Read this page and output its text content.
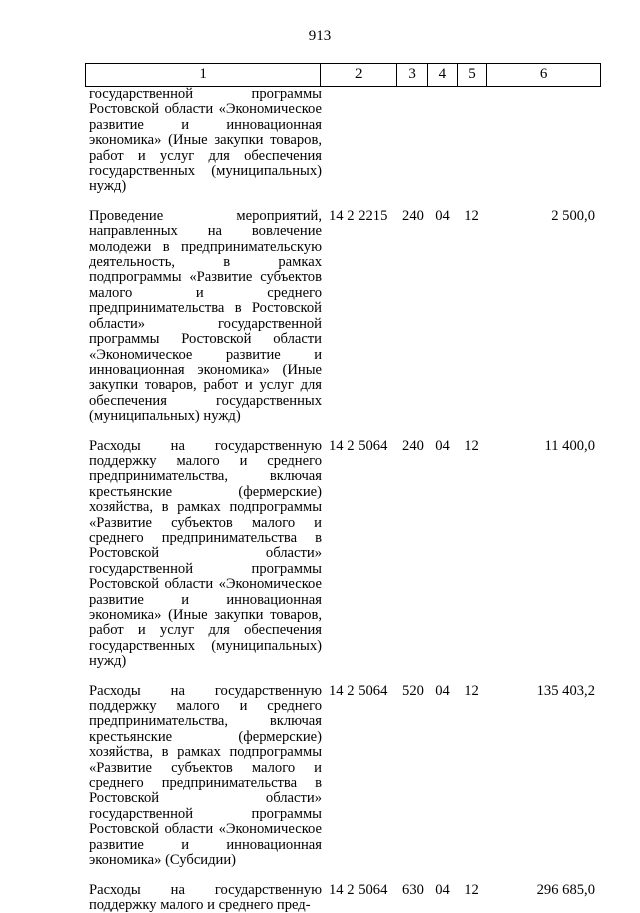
913
1	2	3	4	5	6
государственной программы Ростовской области «Экономическое развитие и инновационная экономика» (Иные закупки товаров, работ и услуг для обеспечения государственных (муниципальных) нужд)
Проведение мероприятий, направленных на вовлечение молодежи в предпринимательскую деятельность, в рамках подпрограммы «Развитие субъектов малого и среднего предпринимательства в Ростовской области» государственной программы Ростовской области «Экономическое развитие и инновационная экономика» (Иные закупки товаров, работ и услуг для обеспечения государственных (муниципальных) нужд)
14 2 2215	240 04 12	2 500,0
Расходы на государственную поддержку малого и среднего предпринимательства, включая крестьянские (фермерские) хозяйства, в рамках подпрограммы «Развитие субъектов малого и среднего предпринимательства в Ростовской области» государственной программы Ростовской области «Экономическое развитие и инновационная экономика» (Иные закупки товаров, работ и услуг для обеспечения государственных (муниципальных) нужд)
14 2 5064	240 04 12	11 400,0
Расходы на государственную поддержку малого и среднего предпринимательства, включая крестьянские (фермерские) хозяйства, в рамках подпрограммы «Развитие субъектов малого и среднего предпринимательства в Ростовской области» государственной программы Ростовской области «Экономическое развитие и инновационная экономика» (Субсидии)
14 2 5064	520 04 12	135 403,2
Расходы на государственную поддержку малого и среднего пред-
14 2 5064	630 04 12	296 685,0
